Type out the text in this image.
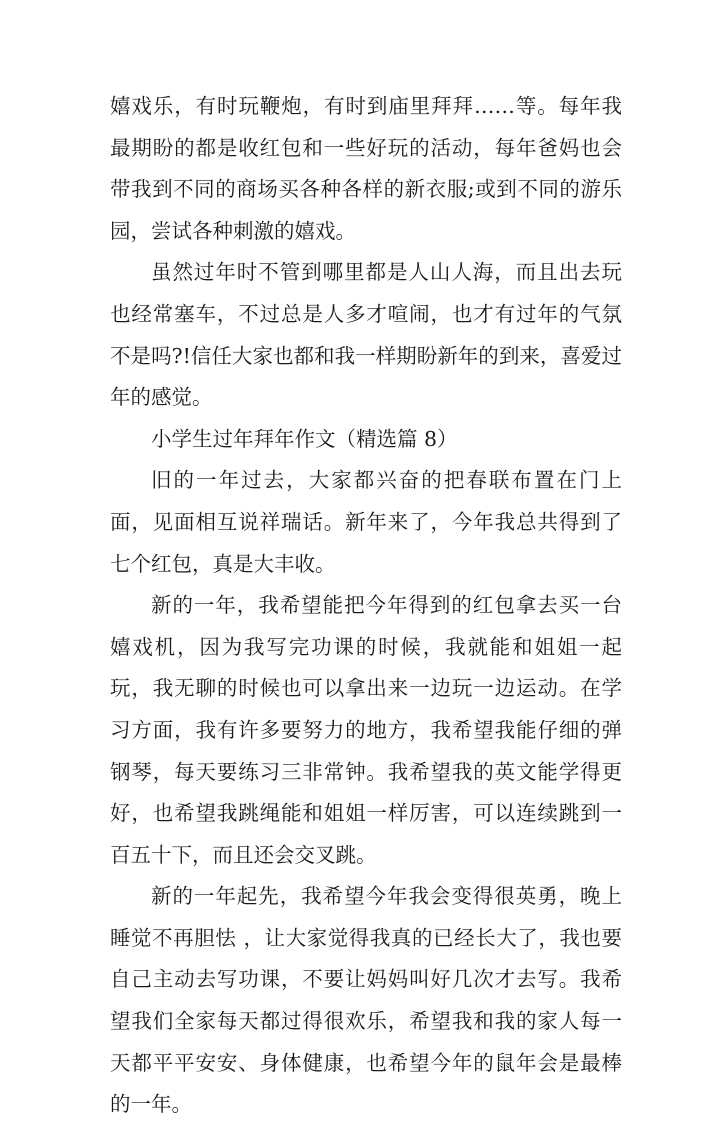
嬉戏乐，有时玩鞭炮，有时到庙里拜拜……等。每年我最期盼的都是收红包和一些好玩的活动，每年爸妈也会带我到不同的商场买各种各样的新衣服;或到不同的游乐园，尝试各种刺激的嬉戏。

虽然过年时不管到哪里都是人山人海，而且出去玩也经常塞车，不过总是人多才喧闹，也才有过年的气氛不是吗?!信任大家也都和我一样期盼新年的到来，喜爱过年的感觉。

小学生过年拜年作文（精选篇 8）

旧的一年过去，大家都兴奋的把春联布置在门上面，见面相互说祥瑞话。新年来了，今年我总共得到了七个红包，真是大丰收。

新的一年，我希望能把今年得到的红包拿去买一台嬉戏机，因为我写完功课的时候，我就能和姐姐一起玩，我无聊的时候也可以拿出来一边玩一边运动。在学习方面，我有许多要努力的地方，我希望我能仔细的弹钢琴，每天要练习三非常钟。我希望我的英文能学得更好，也希望我跳绳能和姐姐一样厉害，可以连续跳到一百五十下，而且还会交叉跳。

新的一年起先，我希望今年我会变得很英勇，晚上睡觉不再胆怯 ，让大家觉得我真的已经长大了，我也要自己主动去写功课，不要让妈妈叫好几次才去写。我希望我们全家每天都过得很欢乐，希望我和我的家人每一天都平平安安、身体健康，也希望今年的鼠年会是最棒的一年。
